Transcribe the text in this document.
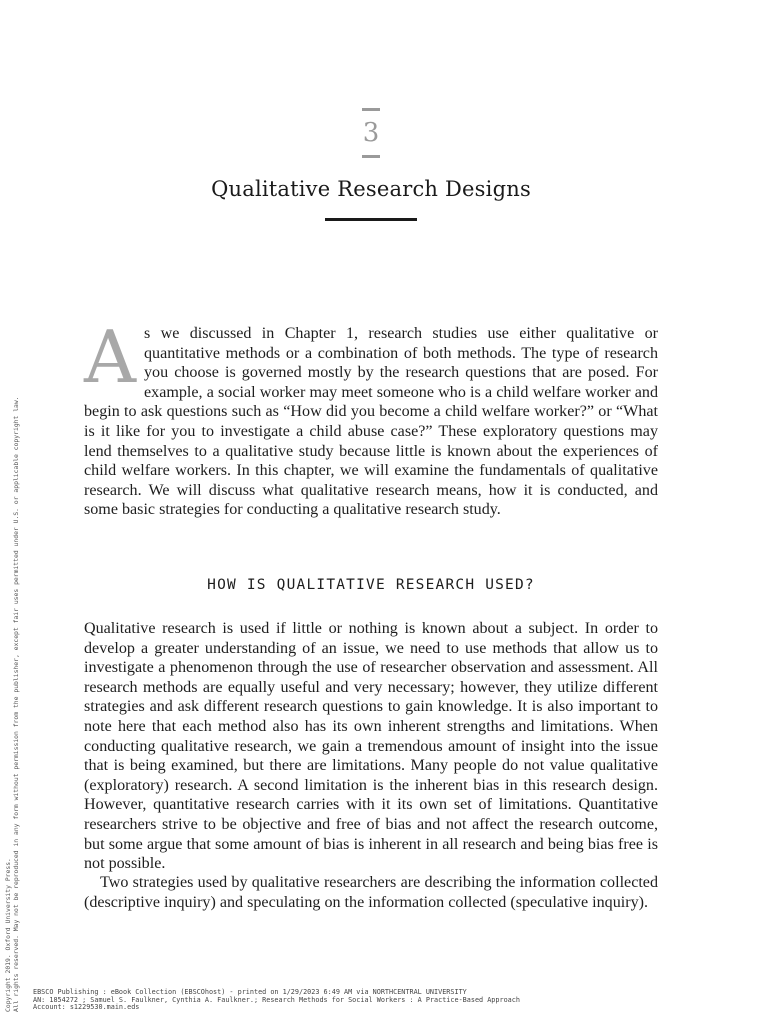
3
Qualitative Research Designs

As we discussed in Chapter 1, research studies use either qualitative or quantitative methods or a combination of both methods. The type of research you choose is governed mostly by the research questions that are posed. For example, a social worker may meet someone who is a child welfare worker and begin to ask questions such as “How did you become a child welfare worker?” or “What is it like for you to investigate a child abuse case?” These exploratory questions may lend themselves to a qualitative study because little is known about the experiences of child welfare workers. In this chapter, we will examine the fundamentals of qualitative research. We will discuss what qualitative research means, how it is conducted, and some basic strategies for conducting a qualitative research study.

HOW IS QUALITATIVE RESEARCH USED?

Qualitative research is used if little or nothing is known about a subject. In order to develop a greater understanding of an issue, we need to use methods that allow us to investigate a phenomenon through the use of researcher observation and assessment. All research methods are equally useful and very necessary; however, they utilize different strategies and ask different research questions to gain knowledge. It is also important to note here that each method also has its own inherent strengths and limitations. When conducting qualitative research, we gain a tremendous amount of insight into the issue that is being examined, but there are limitations. Many people do not value qualitative (exploratory) research. A second limitation is the inherent bias in this research design. However, quantitative research carries with it its own set of limitations. Quantitative researchers strive to be objective and free of bias and not affect the research outcome, but some argue that some amount of bias is inherent in all research and being bias free is not possible.

Two strategies used by qualitative researchers are describing the information collected (descriptive inquiry) and speculating on the information collected (speculative inquiry).

Copyright 2019. Oxford University Press. All rights reserved. May not be reproduced in any form without permission from the publisher, except fair uses permitted under U.S. or applicable copyright law. EBSCO Publishing : eBook Collection (EBSCOhost) - printed on 1/29/2023 6:49 AM via NORTHCENTRAL UNIVERSITY
AN: 1854272 ; Samuel S. Faulkner, Cynthia A. Faulkner.; Research Methods for Social Workers : A Practice-Based Approach
Account: s1229530.main.eds
